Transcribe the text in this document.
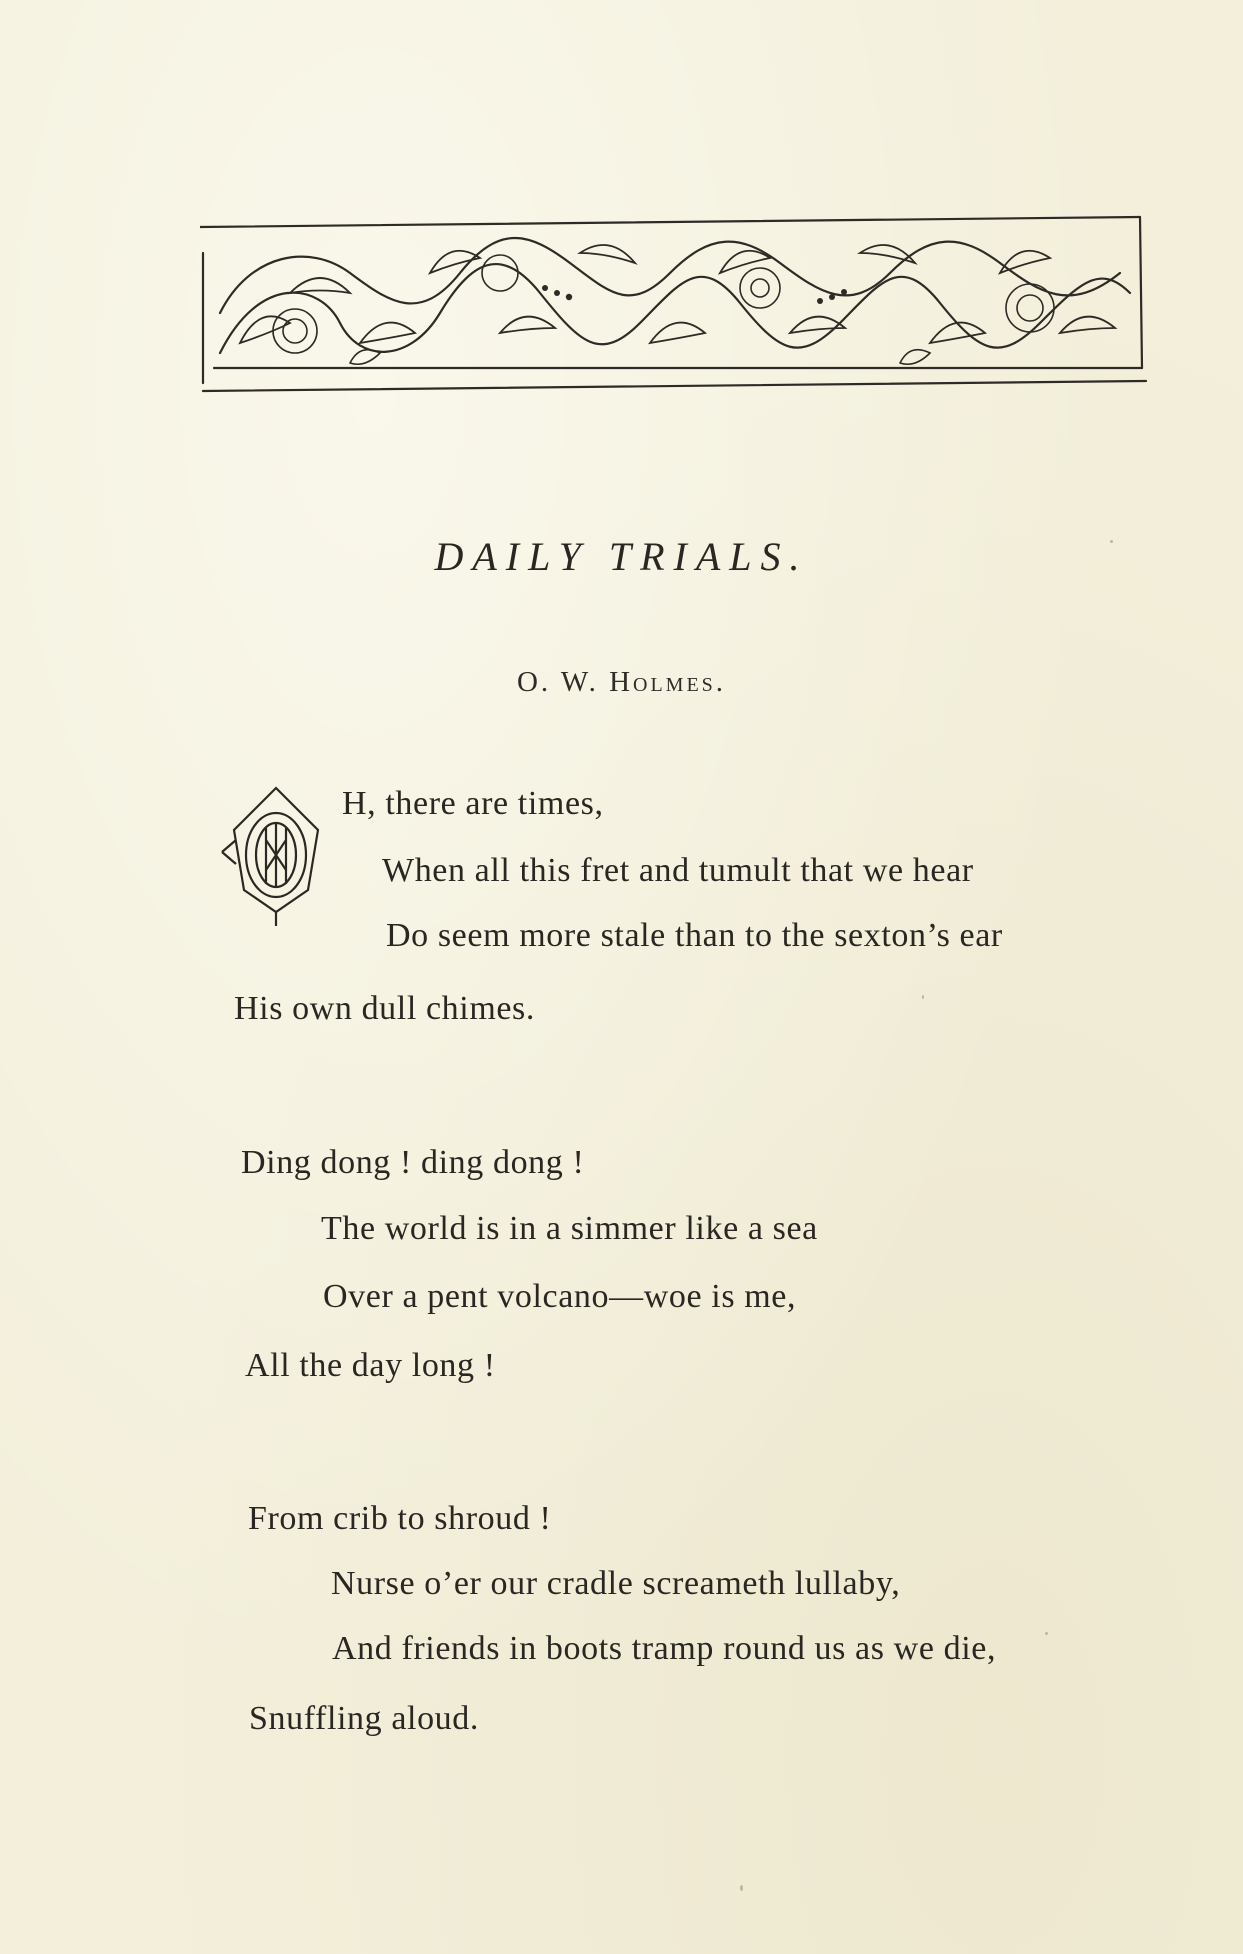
DAILY TRIALS.
O. W. Holmes.
H, there are times,
When all this fret and tumult that we hear
Do seem more stale than to the sexton’s ear
His own dull chimes.
Ding dong ! ding dong !
The world is in a simmer like a sea
Over a pent volcano—woe is me,
All the day long !
From crib to shroud !
Nurse o’er our cradle screameth lullaby,
And friends in boots tramp round us as we die,
Snuffling aloud.
